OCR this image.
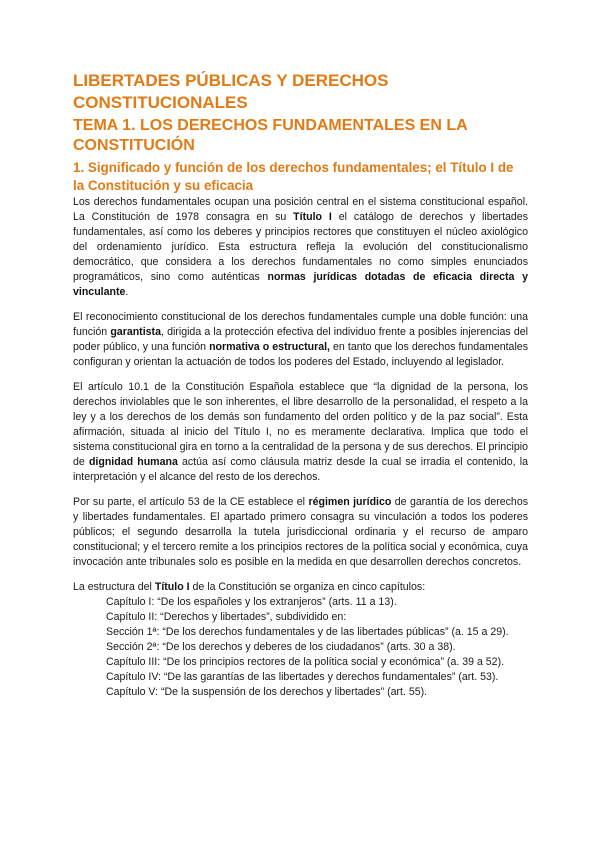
LIBERTADES PÚBLICAS Y DERECHOS CONSTITUCIONALES
TEMA 1. LOS DERECHOS FUNDAMENTALES EN LA CONSTITUCIÓN
1. Significado y función de los derechos fundamentales; el Título I de la Constitución y su eficacia

Los derechos fundamentales ocupan una posición central en el sistema constitucional español. La Constitución de 1978 consagra en su Título I el catálogo de derechos y libertades fundamentales, así como los deberes y principios rectores que constituyen el núcleo axiológico del ordenamiento jurídico. Esta estructura refleja la evolución del constitucionalismo democrático, que considera a los derechos fundamentales no como simples enunciados programáticos, sino como auténticas normas jurídicas dotadas de eficacia directa y vinculante.

El reconocimiento constitucional de los derechos fundamentales cumple una doble función: una función garantista, dirigida a la protección efectiva del individuo frente a posibles injerencias del poder público, y una función normativa o estructural, en tanto que los derechos fundamentales configuran y orientan la actuación de todos los poderes del Estado, incluyendo al legislador.

El artículo 10.1 de la Constitución Española establece que “la dignidad de la persona, los derechos inviolables que le son inherentes, el libre desarrollo de la personalidad, el respeto a la ley y a los derechos de los demás son fundamento del orden político y de la paz social”. Esta afirmación, situada al inicio del Título I, no es meramente declarativa. Implica que todo el sistema constitucional gira en torno a la centralidad de la persona y de sus derechos. El principio de dignidad humana actúa así como cláusula matriz desde la cual se irradia el contenido, la interpretación y el alcance del resto de los derechos.

Por su parte, el artículo 53 de la CE establece el régimen jurídico de garantía de los derechos y libertades fundamentales. El apartado primero consagra su vinculación a todos los poderes públicos; el segundo desarrolla la tutela jurisdiccional ordinaria y el recurso de amparo constitucional; y el tercero remite a los principios rectores de la política social y económica, cuya invocación ante tribunales solo es posible en la medida en que desarrollen derechos concretos.

La estructura del Título I de la Constitución se organiza en cinco capítulos:

Capítulo I: “De los españoles y los extranjeros” (arts. 11 a 13).
Capítulo II: “Derechos y libertades”, subdividido en:
Sección 1ª: “De los derechos fundamentales y de las libertades públicas” (a. 15 a 29).
Sección 2ª: “De los derechos y deberes de los ciudadanos” (arts. 30 a 38).
Capítulo III: “De los principios rectores de la política social y económica” (a. 39 a 52).
Capítulo IV: “De las garantías de las libertades y derechos fundamentales” (art. 53).
Capítulo V: “De la suspensión de los derechos y libertades” (art. 55).
